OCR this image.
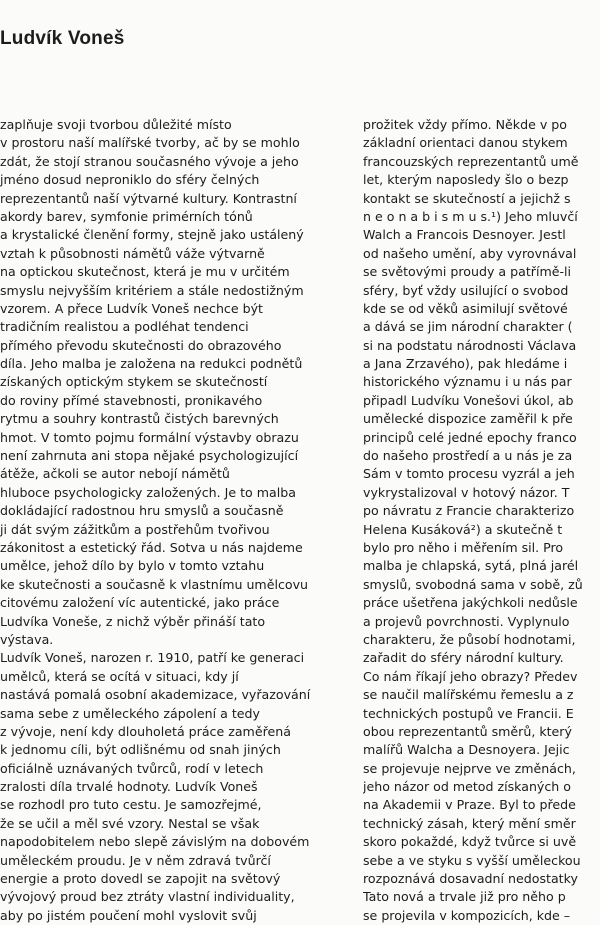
Ludvík Voneš
zaplňuje svoji tvorbou důležité místo
v prostoru naší malířské tvorby, ač by se mohlo
zdát, že stojí stranou současného vývoje a jeho
jméno dosud neproniklo do sféry čelných
reprezentantů naší výtvarné kultury. Kontrastní
akordy barev, symfonie primérních tónů
a krystalické členění formy, stejně jako ustálený
vztah k působnosti námětů váže výtvarně
na optickou skutečnost, která je mu v určitém
smyslu nejvyšším kritériem a stále nedostižným
vzorem. A přece Ludvík Voneš nechce být
tradičním realistou a podléhat tendenci
přímého převodu skutečnosti do obrazového
díla. Jeho malba je založena na redukci podnětů
získaných optickým stykem se skutečností
do roviny přímé stavebnosti, pronikavého
rytmu a souhry kontrastů čistých barevných
hmot. V tomto pojmu formální výstavby obrazu
není zahrnuta ani stopa nějaké psychologizující
átěže, ačkoli se autor nebojí námětů
hluboce psychologicky založených. Je to malba
dokládající radostnou hru smyslů a současně
ji dát svým zážitkům a postřehům tvořivou
zákonitost a estetický řád. Sotva u nás najdeme
umělce, jehož dílo by bylo v tomto vztahu
ke skutečnosti a současně k vlastnímu umělcovu
citovému založení víc autentické, jako práce
Ludvíka Voneše, z nichž výběr přináší tato
výstava.
Ludvík Voneš, narozen r. 1910, patří ke generaci
umělců, která se ocítá v situaci, kdy jí
nastává pomalá osobní akademizace, vyřazování
sama sebe z uměleckého zápolení a tedy
z vývoje, není kdy dlouholetá práce zaměřená
k jednomu cíli, být odlišnému od snah jiných
oficiálně uznávaných tvůrců, rodí v letech
zralosti díla trvalé hodnoty. Ludvík Voneš
se rozhodl pro tuto cestu. Je samozřejmé,
že se učil a měl své vzory. Nestal se však
napodobitelem nebo slepě závislým na dobovém
uměleckém proudu. Je v něm zdravá tvůrčí
energie a proto dovedl se zapojit na světový
vývojový proud bez ztráty vlastní individuality,
aby po jistém poučení mohl vyslovit svůj
prožitek vždy přímo. Někde v po
základní orientaci danou stykem
francouzských reprezentantů umě
let, kterým naposledy šlo o bezp
kontakt se skutečností a jejichž s
n e o n a b i s m u s.¹) Jeho mluvčí
Walch a Francois Desnoyer. Jestl
od našeho umění, aby vyrovnával
se světovými proudy a patřímě-li
sféry, byť vždy usilující o svobod
kde se od věků asimilují světové
a dává se jim národní charakter (
si na podstatu národnosti Václava
a Jana Zrzavého), pak hledáme i
historického významu i u nás par
připadl Ludvíku Vonešovi úkol, ab
umělecké dispozice zaměřil k pře
principů celé jedné epochy franco
do našeho prostředí a u nás je za
Sám v tomto procesu vyzrál a jeh
vykrystalizoval v hotový názor. T
po návratu z Francie charakterizo
Helena Kusáková²) a skutečně t
bylo pro něho i měřením sil. Pro
malba je chlapská, sytá, plná jarél
smyslů, svobodná sama v sobě, zů
práce ušetřena jakýchkoli nedůsle
a projevů povrchnosti. Vyplynulo
charakteru, že působí hodnotami,
zařadit do sféry národní kultury.
Co nám říkají jeho obrazy? Předev
se naučil malířskému řemeslu a z
technických postupů ve Francii. E
obou reprezentantů směrů, který
malířů Walcha a Desnoyera. Jejic
se projevuje nejprve ve změnách,
jeho názor od metod získaných o
na Akademii v Praze. Byl to přede
technický zásah, který mění směr
skoro pokaždé, když tvůrce si uvě
sebe a ve styku s vyšší uměleckou
rozpoznává dosavadní nedostatky
Tato nová a trvale již pro něho p
se projevila v kompozicích, kde –
